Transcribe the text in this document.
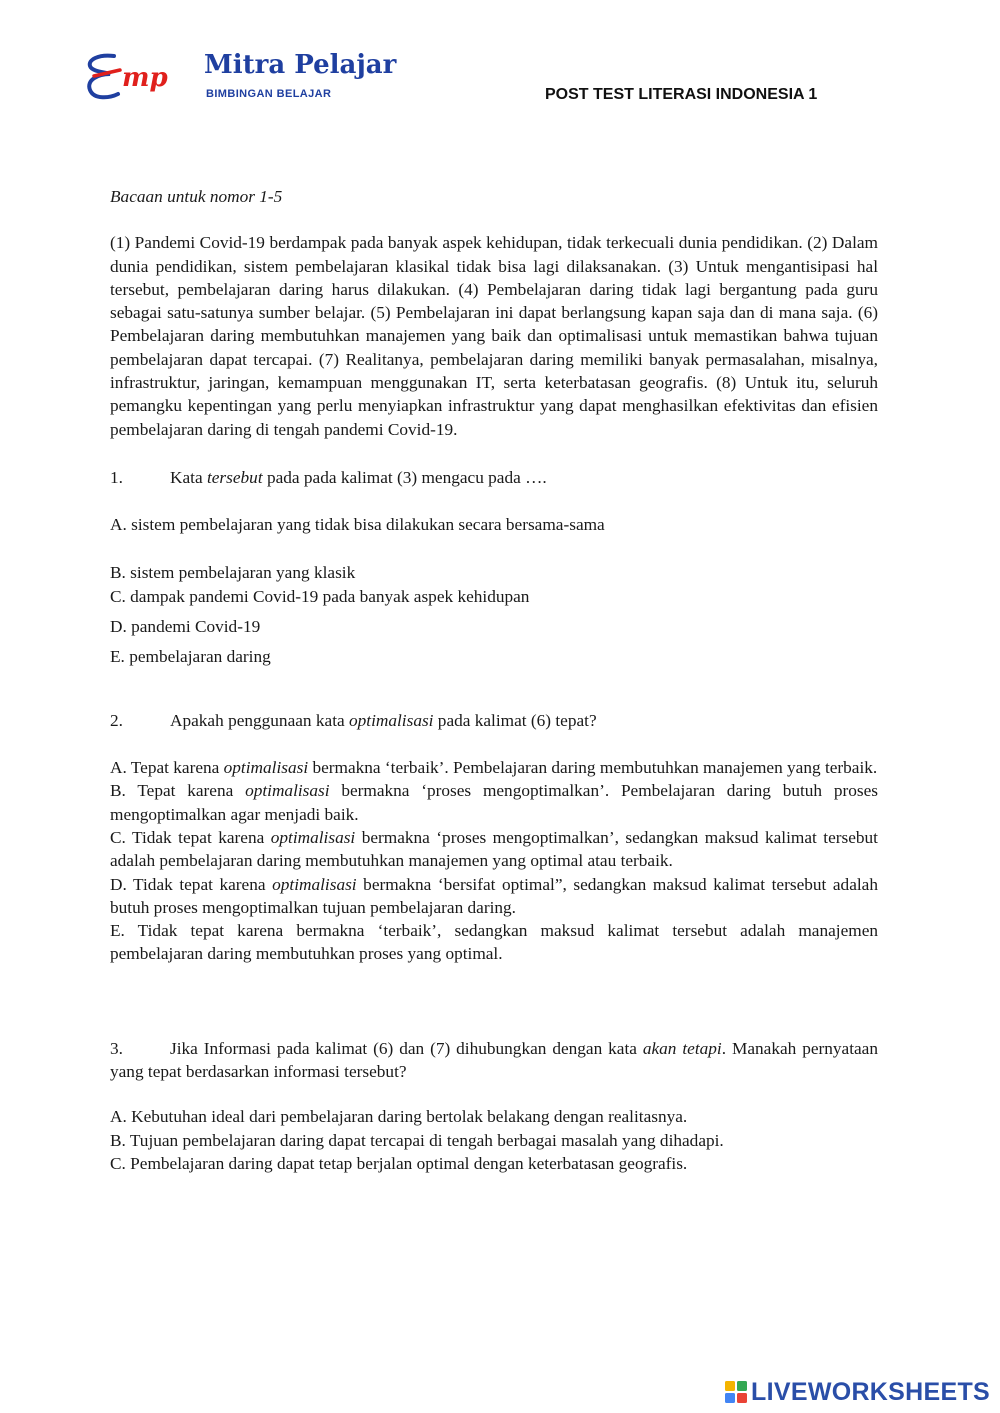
mp Mitra Pelajar
BIMBINGAN BELAJAR	POST TEST LITERASI INDONESIA 1

Bacaan untuk nomor 1-5

(1) Pandemi Covid-19 berdampak pada banyak aspek kehidupan, tidak terkecuali dunia pendidikan. (2) Dalam dunia pendidikan, sistem pembelajaran klasikal tidak bisa lagi dilaksanakan. (3) Untuk mengantisipasi hal tersebut, pembelajaran daring harus dilakukan. (4) Pembelajaran daring tidak lagi bergantung pada guru sebagai satu-satunya sumber belajar. (5) Pembelajaran ini dapat berlangsung kapan saja dan di mana saja. (6) Pembelajaran daring membutuhkan manajemen yang baik dan optimalisasi untuk memastikan bahwa tujuan pembelajaran dapat tercapai. (7) Realitanya, pembelajaran daring memiliki banyak permasalahan, misalnya, infrastruktur, jaringan, kemampuan menggunakan IT, serta keterbatasan geografis. (8) Untuk itu, seluruh pemangku kepentingan yang perlu menyiapkan infrastruktur yang dapat menghasilkan efektivitas dan efisien pembelajaran daring di tengah pandemi Covid-19.

1.	Kata tersebut pada pada kalimat (3) mengacu pada ….

A. sistem pembelajaran yang tidak bisa dilakukan secara bersama-sama

B. sistem pembelajaran yang klasik

C. dampak pandemi Covid-19 pada banyak aspek kehidupan

D. pandemi Covid-19

E. pembelajaran daring

2.	Apakah penggunaan kata optimalisasi pada kalimat (6) tepat?

A. Tepat karena optimalisasi bermakna ‘terbaik’. Pembelajaran daring membutuhkan manajemen yang terbaik.

B. Tepat karena optimalisasi bermakna ‘proses mengoptimalkan’. Pembelajaran daring butuh proses mengoptimalkan agar menjadi baik.

C. Tidak tepat karena optimalisasi bermakna ‘proses mengoptimalkan’, sedangkan maksud kalimat tersebut adalah pembelajaran daring membutuhkan manajemen yang optimal atau terbaik.

D. Tidak tepat karena optimalisasi bermakna ‘bersifat optimal”, sedangkan maksud kalimat tersebut adalah butuh proses mengoptimalkan tujuan pembelajaran daring.

E. Tidak tepat karena bermakna ‘terbaik’, sedangkan maksud kalimat tersebut adalah manajemen pembelajaran daring membutuhkan proses yang optimal.

3.	Jika Informasi pada kalimat (6) dan (7) dihubungkan dengan kata akan tetapi. Manakah pernyataan yang tepat berdasarkan informasi tersebut?

A. Kebutuhan ideal dari pembelajaran daring bertolak belakang dengan realitasnya.

B. Tujuan pembelajaran daring dapat tercapai di tengah berbagai masalah yang dihadapi.

C. Pembelajaran daring dapat tetap berjalan optimal dengan keterbatasan geografis.

LIVEWORKSHEETS
